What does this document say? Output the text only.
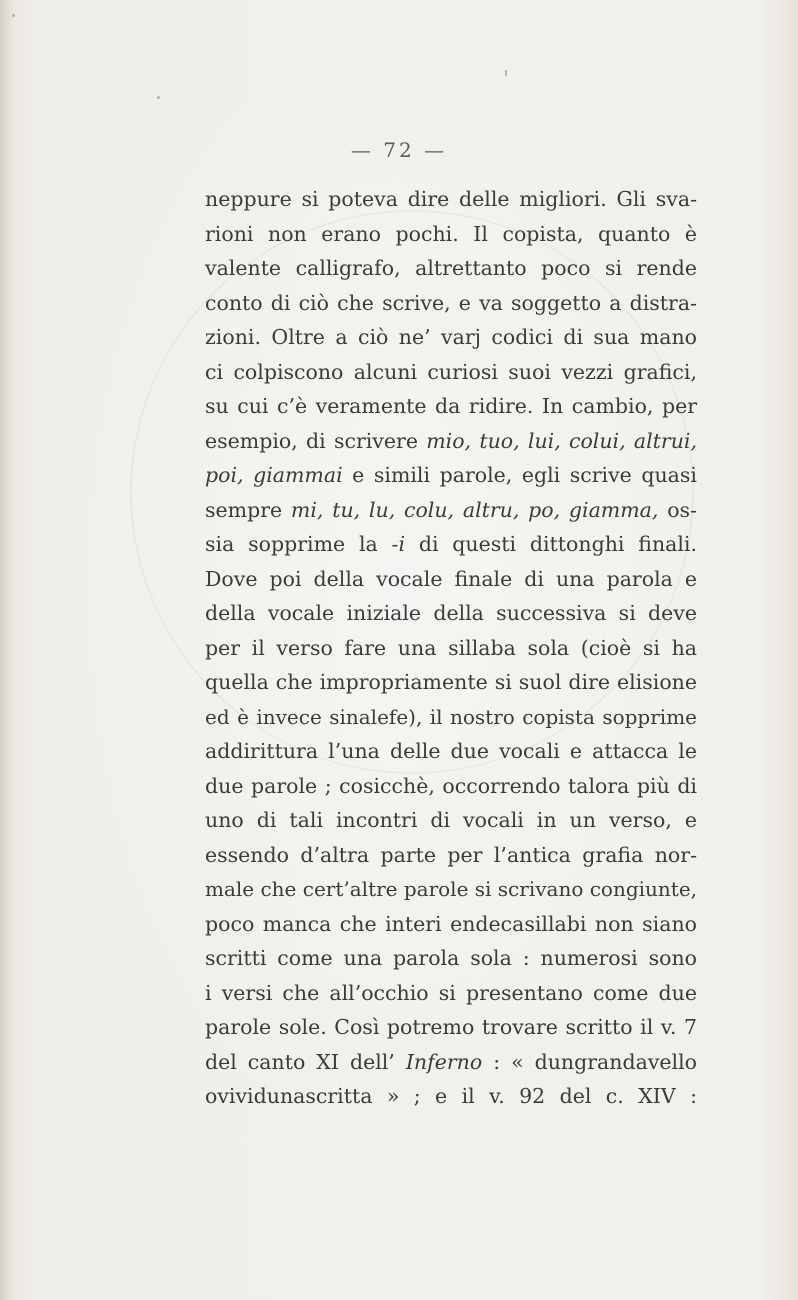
— 72 —
neppure si poteva dire delle migliori. Gli sva-
rioni non erano pochi. Il copista, quanto è
valente calligrafo, altrettanto poco si rende
conto di ciò che scrive, e va soggetto a distra-
zioni. Oltre a ciò ne’ varj codici di sua mano
ci colpiscono alcuni curiosi suoi vezzi grafici,
su cui c’è veramente da ridire. In cambio, per
esempio, di scrivere mio, tuo, lui, colui, altrui,
poi, giammai e simili parole, egli scrive quasi
sempre mi, tu, lu, colu, altru, po, giamma, os-
sia sopprime la -i di questi dittonghi finali.
Dove poi della vocale finale di una parola e
della vocale iniziale della successiva si deve
per il verso fare una sillaba sola (cioè si ha
quella che impropriamente si suol dire elisione
ed è invece sinalefe), il nostro copista sopprime
addirittura l’una delle due vocali e attacca le
due parole ; cosicchè, occorrendo talora più di
uno di tali incontri di vocali in un verso, e
essendo d’altra parte per l’antica grafia nor-
male che cert’altre parole si scrivano congiunte,
poco manca che interi endecasillabi non siano
scritti come una parola sola : numerosi sono
i versi che all’occhio si presentano come due
parole sole. Così potremo trovare scritto il v. 7
del canto XI dell’ Inferno : « dungrandavello
ovividunascritta » ; e il v. 92 del c. XIV :
